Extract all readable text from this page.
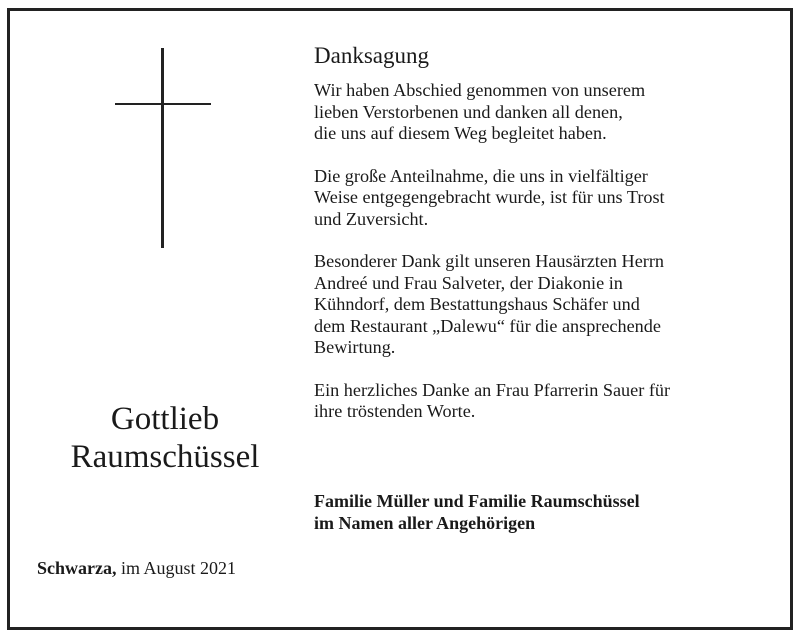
Gottlieb
Raumschüssel
Schwarza, im August 2021
Danksagung
Wir haben Abschied genommen von unserem
lieben Verstorbenen und danken all denen,
die uns auf diesem Weg begleitet haben.
Die große Anteilnahme, die uns in vielfältiger
Weise entgegengebracht wurde, ist für uns Trost
und Zuversicht.
Besonderer Dank gilt unseren Hausärzten Herrn
Andreé und Frau Salveter, der Diakonie in
Kühndorf, dem Bestattungshaus Schäfer und
dem Restaurant „Dalewu“ für die ansprechende
Bewirtung.
Ein herzliches Danke an Frau Pfarrerin Sauer für
ihre tröstenden Worte.
Familie Müller und Familie Raumschüssel
im Namen aller Angehörigen
